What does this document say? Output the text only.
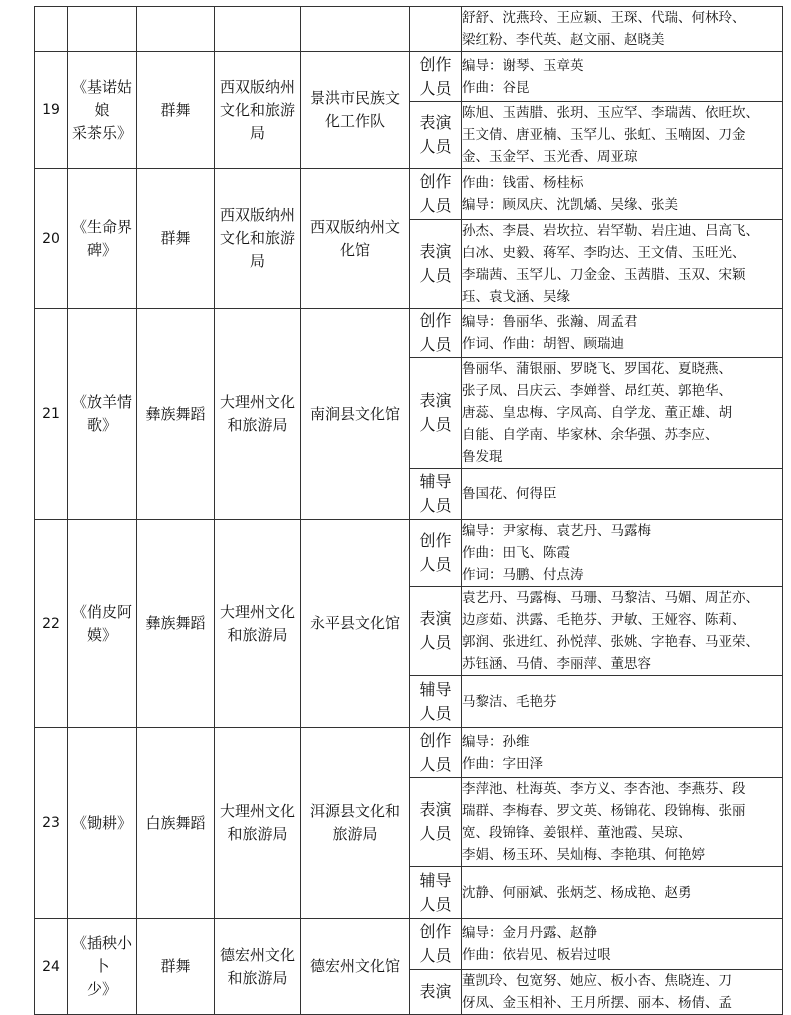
						舒舒、沈燕玲、王应颖、王琛、代瑞、何林玲、
梁红粉、李代英、赵文丽、赵晓美

19	《基诺姑娘
采茶乐》	群舞	西双版纳州
文化和旅游
局	景洪市民族文
化工作队	创作
人员	编导：谢琴、玉章英
作曲：谷昆

					表演
人员	陈旭、玉茜腊、张玥、玉应罕、李瑞茜、依旺坎、
王文倩、唐亚楠、玉罕儿、张虹、玉喃囡、刀金
金、玉金罕、玉光香、周亚琼

20	《生命界
碑》	群舞	西双版纳州
文化和旅游
局	西双版纳州文
化馆	创作
人员	作曲：钱雷、杨桂标
编导：顾凤庆、沈凯燏、吴缘、张美

					表演
人员	孙杰、李晨、岩坎拉、岩罕勒、岩庄迪、吕高飞、
白冰、史毅、蒋军、李昀达、王文倩、玉旺光、
李瑞茜、玉罕儿、刀金金、玉茜腊、玉双、宋颖
珏、袁戈涵、吴缘

21	《放羊情
歌》	彝族舞蹈	大理州文化
和旅游局	南涧县文化馆	创作
人员	编导：鲁丽华、张瀚、周孟君
作词、作曲：胡智、顾瑞迪

					表演
人员	鲁丽华、蒲银丽、罗晓飞、罗国花、夏晓燕、
张子凤、吕庆云、李婵誉、昂红英、郭艳华、
唐蕊、皇忠梅、字凤高、自学龙、董正雄、胡
自能、自学南、毕家林、余华强、苏李应、
鲁发琨

					辅导
人员	鲁国花、何得臣

22	《俏皮阿
嫫》	彝族舞蹈	大理州文化
和旅游局	永平县文化馆	创作
人员	编导：尹家梅、袁艺丹、马露梅
作曲：田飞、陈霞
作词：马鹏、付点涛

					表演
人员	袁艺丹、马露梅、马珊、马黎洁、马媚、周芷亦、
边彦茹、洪露、毛艳芬、尹敏、王娅容、陈莉、
郭润、张进红、孙悦萍、张姚、字艳春、马亚荣、
苏钰涵、马倩、李丽萍、董思容

					辅导
人员	马黎洁、毛艳芬

23	《锄耕》	白族舞蹈	大理州文化
和旅游局	洱源县文化和
旅游局	创作
人员	编导：孙维
作曲：字田泽

					表演
人员	李萍池、杜海英、李方义、李杏池、李燕芬、段
瑞群、李梅春、罗文英、杨锦花、段锦梅、张丽
宽、段锦锋、姜银样、董池霞、吴琼、
李娟、杨玉环、吴灿梅、李艳琪、何艳婷

					辅导
人员	沈静、何丽斌、张炳芝、杨成艳、赵勇

24	《插秧小卜
少》	群舞	德宏州文化
和旅游局	德宏州文化馆	创作
人员	编导：金月丹露、赵静
作曲：依岩见、板岩过哏

					表演	董凯玲、包宽努、她应、板小杏、焦晓连、刀
伢凤、金玉相补、王月所摆、丽本、杨倩、孟
